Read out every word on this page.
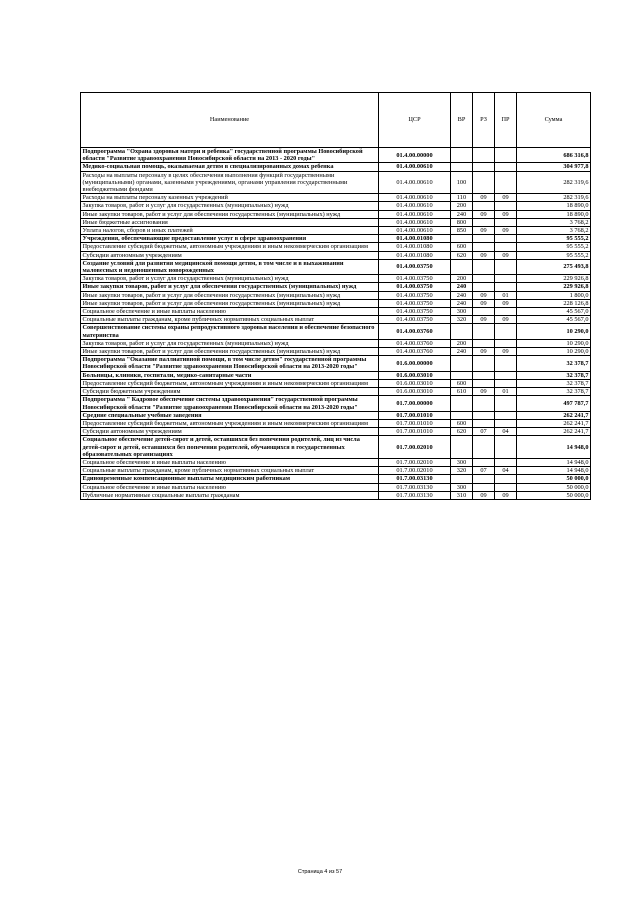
Наименование	ЦСР	ВР	РЗ	ПР	Сумма
Подпрограмма "Охрана здоровья матери и ребенка" государственной программы Новосибирской области "Развитие здравоохранения Новосибирской области на 2013 - 2020 годы"	01.4.00.00000				686 316,8
Медико-социальная помощь, оказываемая детям в специализированных домах ребенка	01.4.00.00610				304 977,8
Расходы на выплаты персоналу в целях обеспечения выполнения функций государственными (муниципальными) органами, казенными учреждениями, органами управления государственными внебюджетными фондами	01.4.00.00610	100			282 319,6
Расходы на выплаты персоналу казенных учреждений	01.4.00.00610	110	09	09	282 319,6
Закупка товаров, работ и услуг для государственных (муниципальных) нужд	01.4.00.00610	200			18 890,0
Иные закупки товаров, работ и услуг для обеспечения государственных (муниципальных) нужд	01.4.00.00610	240	09	09	18 890,0
Иные бюджетные ассигнования	01.4.00.00610	800			3 768,2
Уплата налогов, сборов и иных платежей	01.4.00.00610	850	09	09	3 768,2
Учреждения, обеспечивающие предоставление услуг в сфере здравоохранения	01.4.00.01080				95 555,2
Предоставление субсидий бюджетным, автономным учреждениям и иным некоммерческим организациям	01.4.00.01080	600			95 555,2
Субсидии автономным учреждениям	01.4.00.01080	620	09	09	95 555,2
Создание условий для развития медицинской помощи детям, в том числе и в выхаживании маловесных и недоношенных новорожденных	01.4.00.03750				275 493,8
Закупка товаров, работ и услуг для государственных (муниципальных) нужд	01.4.00.03750	200			229 926,8
Иные закупки товаров, работ и услуг для обеспечения государственных (муниципальных) нужд	01.4.00.03750	240			229 926,8
Иные закупки товаров, работ и услуг для обеспечения государственных (муниципальных) нужд	01.4.00.03750	240	09	01	1 800,0
Иные закупки товаров, работ и услуг для обеспечения государственных (муниципальных) нужд	01.4.00.03750	240	09	09	228 126,8
Социальное обеспечение и иные выплаты населению	01.4.00.03750	300			45 567,0
Социальные выплаты гражданам, кроме публичных нормативных социальных выплат	01.4.00.03750	320	09	09	45 567,0
Совершенствование системы охраны репродуктивного здоровья населения и обеспечение безопасного материнства	01.4.00.03760				10 290,0
Закупка товаров, работ и услуг для государственных (муниципальных) нужд	01.4.00.03760	200			10 290,0
Иные закупки товаров, работ и услуг для обеспечения государственных (муниципальных) нужд	01.4.00.03760	240	09	09	10 290,0
Подпрограмма "Оказание паллиативной помощи, в том числе детям" государственной программы Новосибирской области "Развитие здравоохранения Новосибирской области на 2013-2020 годы"	01.6.00.00000				32 378,7
Больницы, клиники, госпитали, медико-санитарные части	01.6.00.03010				32 378,7
Предоставление субсидий бюджетным, автономным учреждениям и иным некоммерческим организациям	01.6.00.03010	600			32 378,7
Субсидии бюджетным учреждениям	01.6.00.03010	610	09	01	32 378,7
Подпрограмма " Кадровое обеспечение системы здравоохранения" государственной программы Новосибирской области "Развитие здравоохранения Новосибирской области на 2013-2020 годы"	01.7.00.00000				497 787,7
Средние специальные учебные заведения	01.7.00.01010				262 241,7
Предоставление субсидий бюджетным, автономным учреждениям и иным некоммерческим организациям	01.7.00.01010	600			262 241,7
Субсидии автономным учреждениям	01.7.00.01010	620	07	04	262 241,7
Социальное обеспечение детей-сирот и детей, оставшихся без попечения родителей, лиц из числа детей-сирот и детей, оставшихся без попечения родителей, обучающихся в государственных образовательных организациях	01.7.00.02010				14 948,0
Социальное обеспечение и иные выплаты населению	01.7.00.02010	300			14 948,0
Социальные выплаты гражданам, кроме публичных нормативных социальных выплат	01.7.00.02010	320	07	04	14 948,0
Единовременные компенсационные выплаты медицинским работникам	01.7.00.03130				50 000,0
Социальное обеспечение и иные выплаты населению	01.7.00.03130	300			50 000,0
Публичные нормативные социальные выплаты гражданам	01.7.00.03130	310	09	09	50 000,0
Страница 4 из 57
